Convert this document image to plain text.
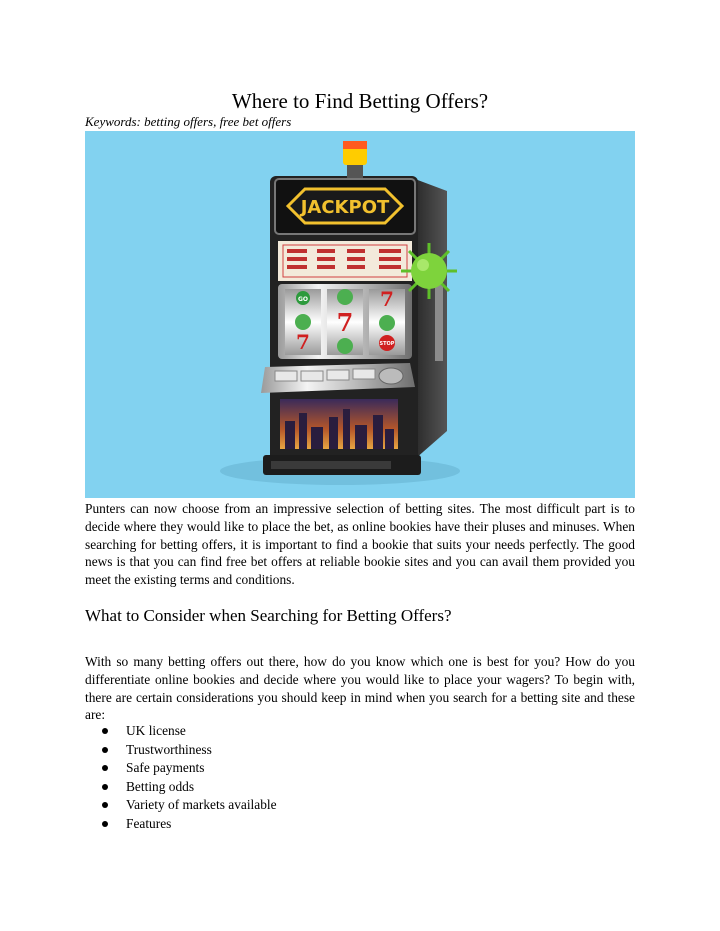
Where to Find Betting Offers?
Keywords: betting offers, free bet offers
JACKPOT
GO
7
7
7
STOP

Punters can now choose from an impressive selection of betting sites. The most difficult part is to decide where they would like to place the bet, as online bookies have their pluses and minuses. When searching for betting offers, it is important to find a bookie that suits your needs perfectly. The good news is that you can find free bet offers at reliable bookie sites and you can avail them provided you meet the existing terms and conditions.

What to Consider when Searching for Betting Offers?

With so many betting offers out there, how do you know which one is best for you? How do you differentiate online bookies and decide where you would like to place your wagers? To begin with, there are certain considerations you should keep in mind when you search for a betting site and these are:

UK license
Trustworthiness
Safe payments
Betting odds
Variety of markets available
Features
